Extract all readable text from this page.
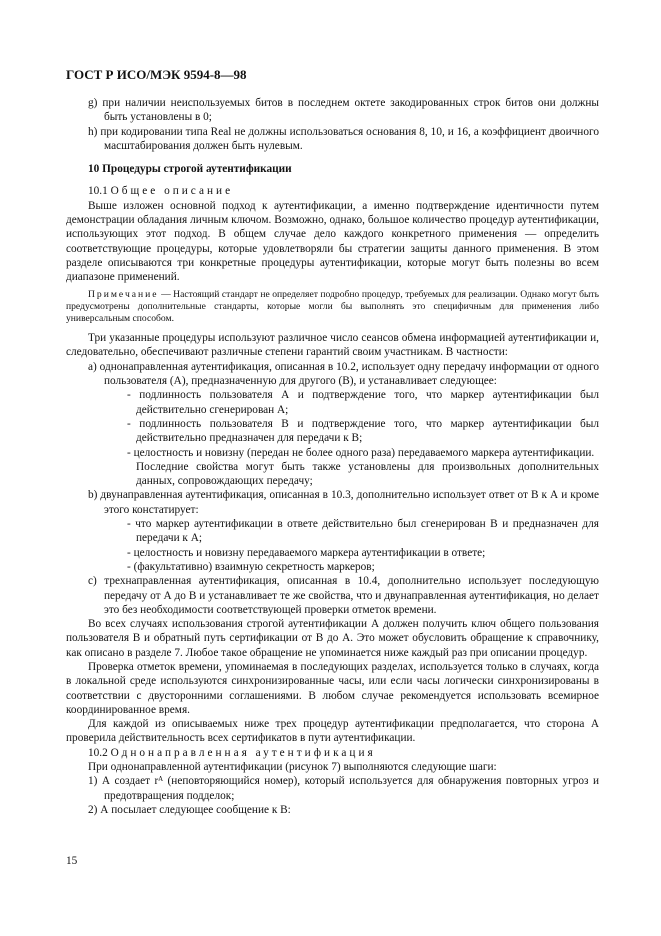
ГОСТ Р ИСО/МЭК 9594-8—98

g) при наличии неиспользуемых битов в последнем октете закодированных строк битов они должны быть установлены в 0;

h) при кодировании типа Real не должны использоваться основания 8, 10, и 16, а коэффициент двоичного масштабирования должен быть нулевым.

10 Процедуры строгой аутентификации

10.1 Общее описание

Выше изложен основной подход к аутентификации, а именно подтверждение идентичности путем демонстрации обладания личным ключом. Возможно, однако, большое количество процедур аутентификации, использующих этот подход. В общем случае дело каждого конкретного применения — определить соответствующие процедуры, которые удовлетворяли бы стратегии защиты данного применения. В этом разделе описываются три конкретные процедуры аутентификации, которые могут быть полезны во всем диапазоне применений.

Примечание — Настоящий стандарт не определяет подробно процедур, требуемых для реализации. Однако могут быть предусмотрены дополнительные стандарты, которые могли бы выполнять это специфичным для применения либо универсальным способом.

Три указанные процедуры используют различное число сеансов обмена информацией аутентификации и, следовательно, обеспечивают различные степени гарантий своим участникам. В частности:

a) однонаправленная аутентификация, описанная в 10.2, использует одну передачу информации от одного пользователя (А), предназначенную для другого (В), и устанавливает следующее:

- подлинность пользователя А и подтверждение того, что маркер аутентификации был действительно сгенерирован А;

- подлинность пользователя В и подтверждение того, что маркер аутентификации был действительно предназначен для передачи к В;

- целостность и новизну (передан не более одного раза) передаваемого маркера аутентификации.

Последние свойства могут быть также установлены для произвольных дополнительных данных, сопровождающих передачу;

b) двунаправленная аутентификация, описанная в 10.3, дополнительно использует ответ от В к А и кроме этого констатирует:

- что маркер аутентификации в ответе действительно был сгенерирован В и предназначен для передачи к А;

- целостность и новизну передаваемого маркера аутентификации в ответе;

- (факультативно) взаимную секретность маркеров;

c) трехнаправленная аутентификация, описанная в 10.4, дополнительно использует последующую передачу от А до В и устанавливает те же свойства, что и двунаправленная аутентификация, но делает это без необходимости соответствующей проверки отметок времени.

Во всех случаях использования строгой аутентификации А должен получить ключ общего пользования пользователя В и обратный путь сертификации от В до А. Это может обусловить обращение к справочнику, как описано в разделе 7. Любое такое обращение не упоминается ниже каждый раз при описании процедур.

Проверка отметок времени, упоминаемая в последующих разделах, используется только в случаях, когда в локальной среде используются синхронизированные часы, или если часы логически синхронизированы в соответствии с двусторонними соглашениями. В любом случае рекомендуется использовать всемирное координированное время.

Для каждой из описываемых ниже трех процедур аутентификации предполагается, что сторона А проверила действительность всех сертификатов в пути аутентификации.

10.2 Однонаправленная аутентификация

При однонаправленной аутентификации (рисунок 7) выполняются следующие шаги:

1) А создает rᴬ (неповторяющийся номер), который используется для обнаружения повторных угроз и предотвращения подделок;

2) А посылает следующее сообщение к В:

15
